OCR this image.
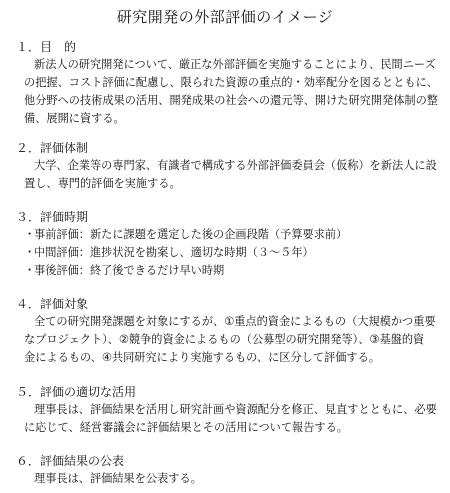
研究開発の外部評価のイメージ
１．目　的
新法人の研究開発について、厳正な外部評価を実施することにより、民間ニーズ
の把握、コスト評価に配慮し、限られた資源の重点的・効率配分を図るとともに、
他分野への技術成果の活用、開発成果の社会への還元等、開けた研究開発体制の整
備、展開に資する。
２．評価体制
大学、企業等の専門家、有識者で構成する外部評価委員会（仮称）を新法人に設
置し、専門的評価を実施する。
３．評価時期
・事前評価：新たに課題を選定した後の企画段階（予算要求前）
・中間評価：進捗状況を勘案し、適切な時期（３～５年）
・事後評価：終了後できるだけ早い時期
４．評価対象
全ての研究開発課題を対象にするが、①重点的資金によるもの（大規模かつ重要
なプロジェクト）、②競争的資金によるもの（公募型の研究開発等）、③基盤的資
金によるもの、④共同研究により実施するもの、に区分して評価する。
５．評価の適切な活用
理事長は、評価結果を活用し研究計画や資源配分を修正、見直すとともに、必要
に応じて、経営審議会に評価結果とその活用について報告する。
６．評価結果の公表
理事長は、評価結果を公表する。
